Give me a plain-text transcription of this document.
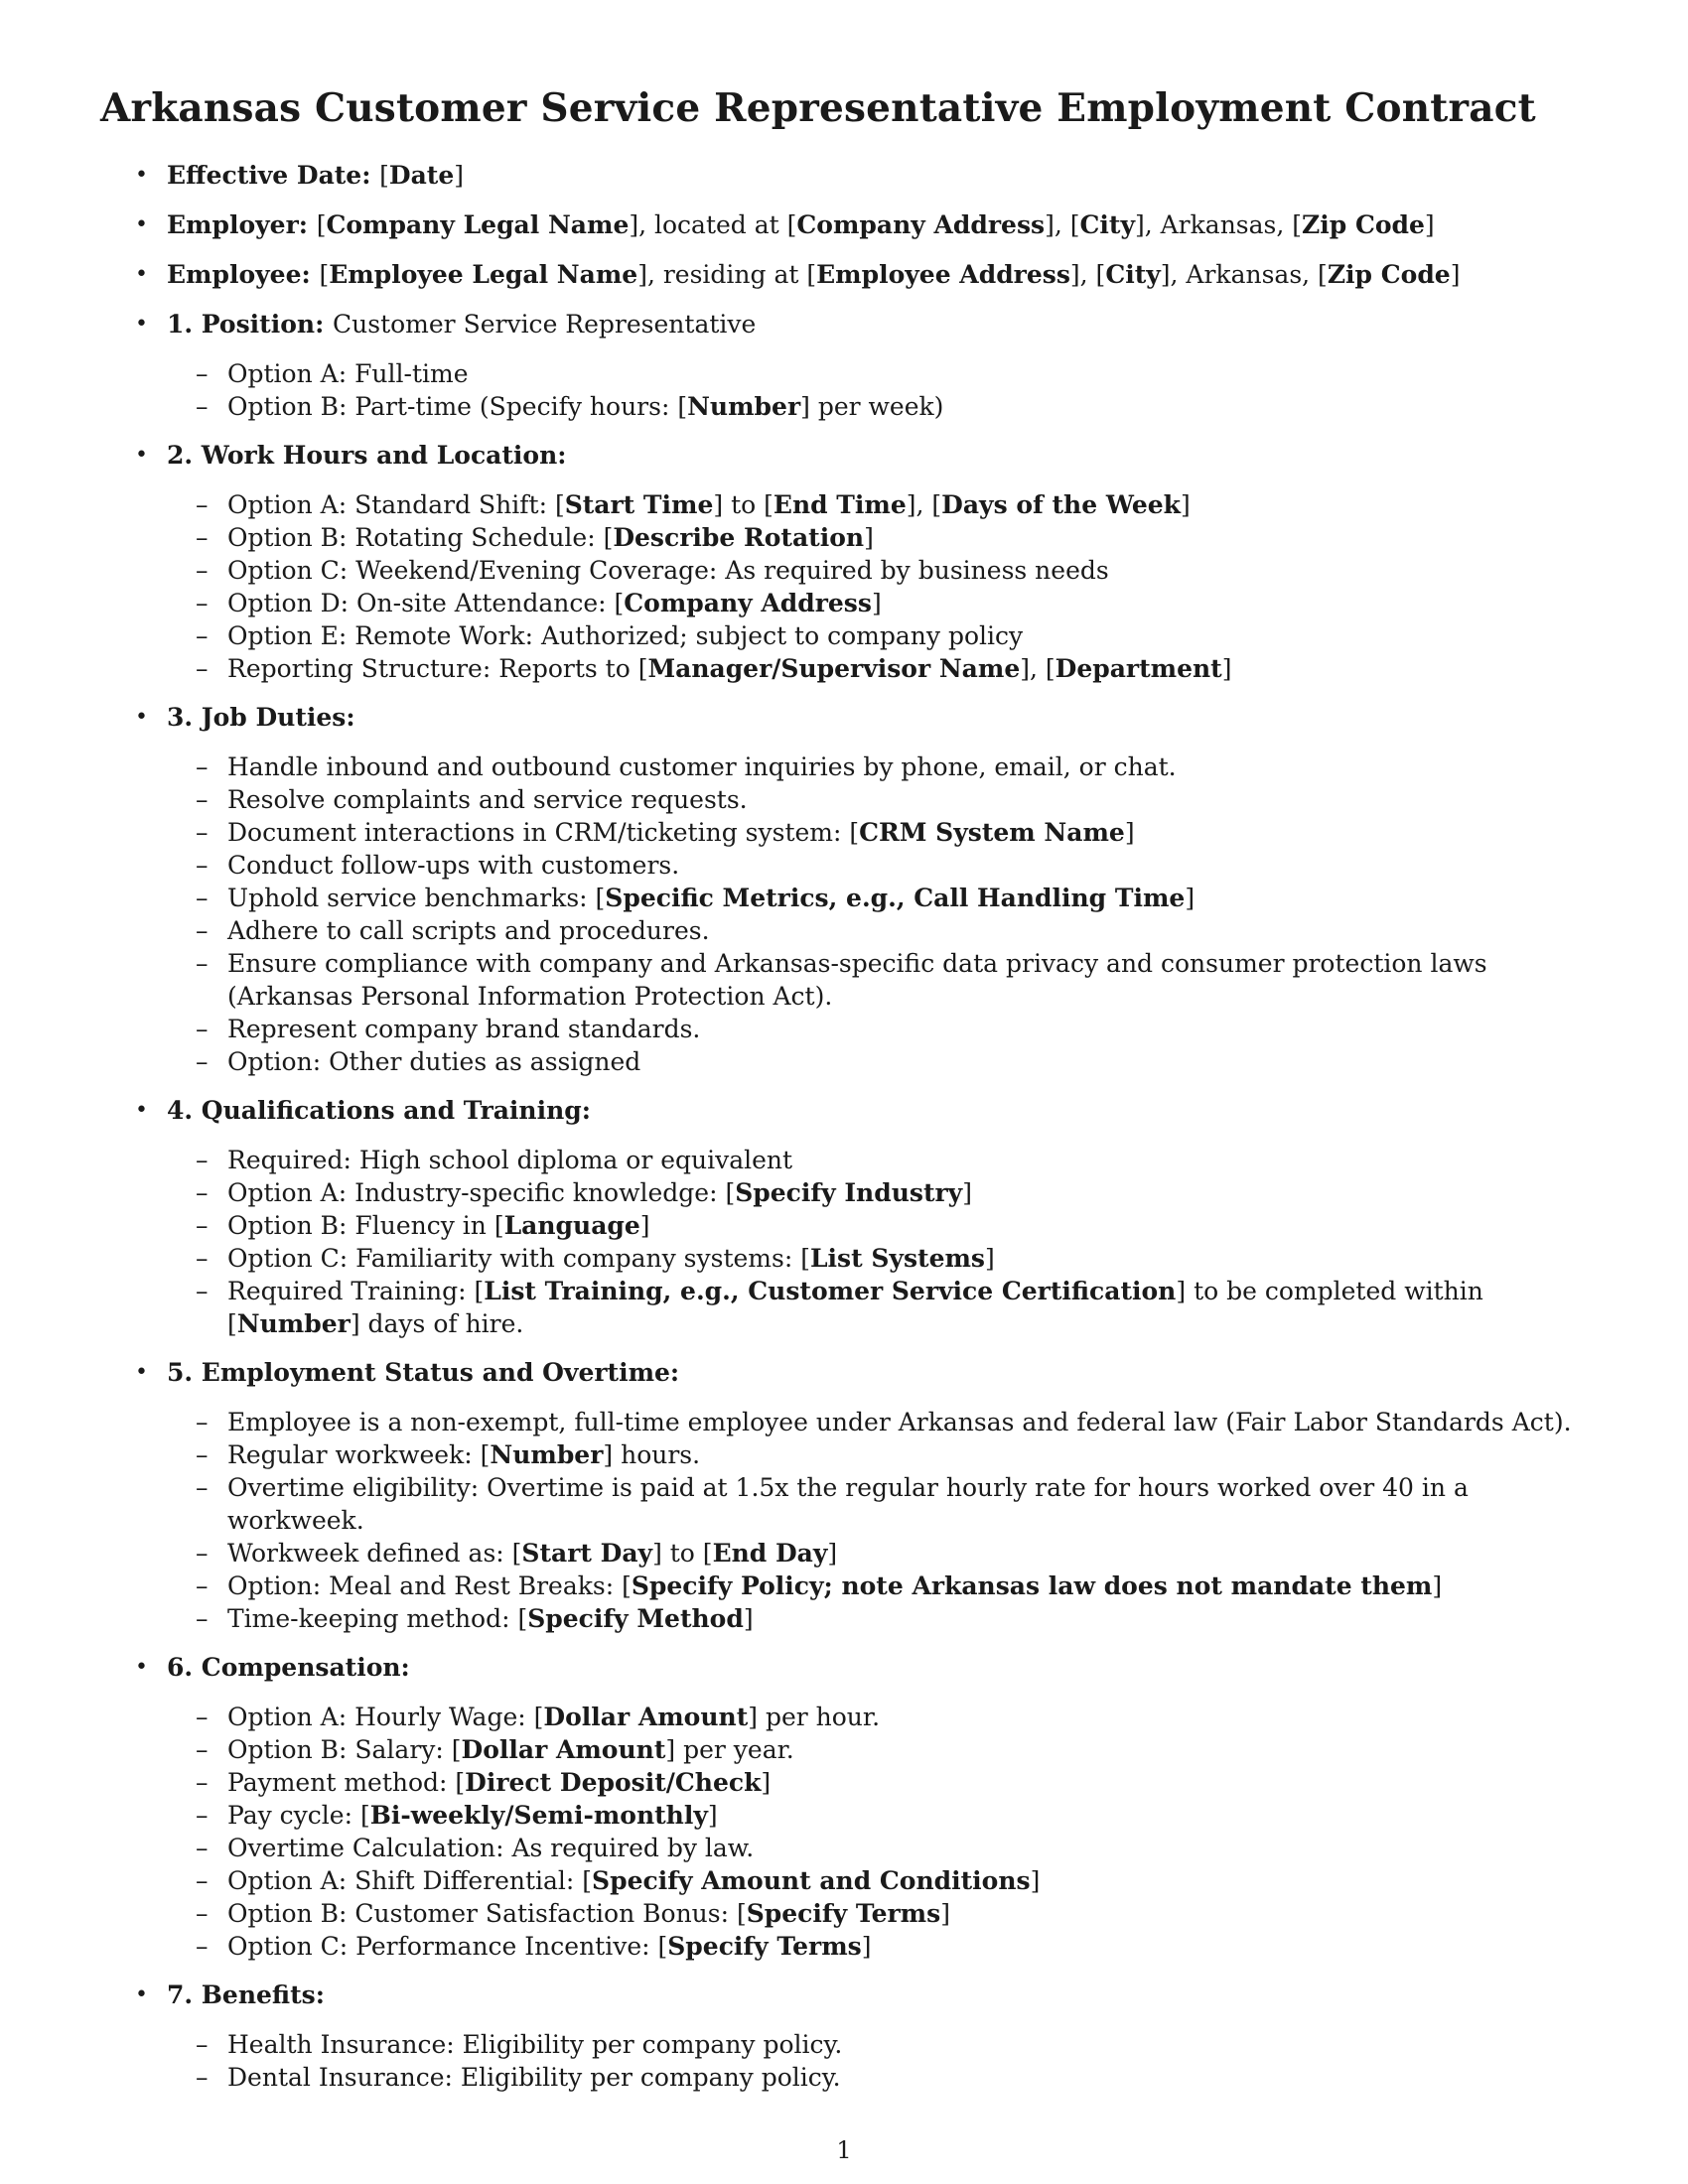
Arkansas Customer Service Representative Employment Contract
• Effective Date: [Date]
• Employer: [Company Legal Name], located at [Company Address], [City], Arkansas, [Zip Code]
• Employee: [Employee Legal Name], residing at [Employee Address], [City], Arkansas, [Zip Code]
• 1. Position: Customer Service Representative
– Option A: Full-time
– Option B: Part-time (Specify hours: [Number] per week)
• 2. Work Hours and Location:
– Option A: Standard Shift: [Start Time] to [End Time], [Days of the Week]
– Option B: Rotating Schedule: [Describe Rotation]
– Option C: Weekend/Evening Coverage: As required by business needs
– Option D: On-site Attendance: [Company Address]
– Option E: Remote Work: Authorized; subject to company policy
– Reporting Structure: Reports to [Manager/Supervisor Name], [Department]
• 3. Job Duties:
– Handle inbound and outbound customer inquiries by phone, email, or chat.
– Resolve complaints and service requests.
– Document interactions in CRM/ticketing system: [CRM System Name]
– Conduct follow-ups with customers.
– Uphold service benchmarks: [Specific Metrics, e.g., Call Handling Time]
– Adhere to call scripts and procedures.
– Ensure compliance with company and Arkansas-specific data privacy and consumer protection laws (Arkansas Personal Information Protection Act).
– Represent company brand standards.
– Option: Other duties as assigned
• 4. Qualifications and Training:
– Required: High school diploma or equivalent
– Option A: Industry-specific knowledge: [Specify Industry]
– Option B: Fluency in [Language]
– Option C: Familiarity with company systems: [List Systems]
– Required Training: [List Training, e.g., Customer Service Certification] to be completed within [Number] days of hire.
• 5. Employment Status and Overtime:
– Employee is a non-exempt, full-time employee under Arkansas and federal law (Fair Labor Standards Act).
– Regular workweek: [Number] hours.
– Overtime eligibility: Overtime is paid at 1.5x the regular hourly rate for hours worked over 40 in a workweek.
– Workweek defined as: [Start Day] to [End Day]
– Option: Meal and Rest Breaks: [Specify Policy; note Arkansas law does not mandate them]
– Time-keeping method: [Specify Method]
• 6. Compensation:
– Option A: Hourly Wage: [Dollar Amount] per hour.
– Option B: Salary: [Dollar Amount] per year.
– Payment method: [Direct Deposit/Check]
– Pay cycle: [Bi-weekly/Semi-monthly]
– Overtime Calculation: As required by law.
– Option A: Shift Differential: [Specify Amount and Conditions]
– Option B: Customer Satisfaction Bonus: [Specify Terms]
– Option C: Performance Incentive: [Specify Terms]
• 7. Benefits:
– Health Insurance: Eligibility per company policy.
– Dental Insurance: Eligibility per company policy.
1
